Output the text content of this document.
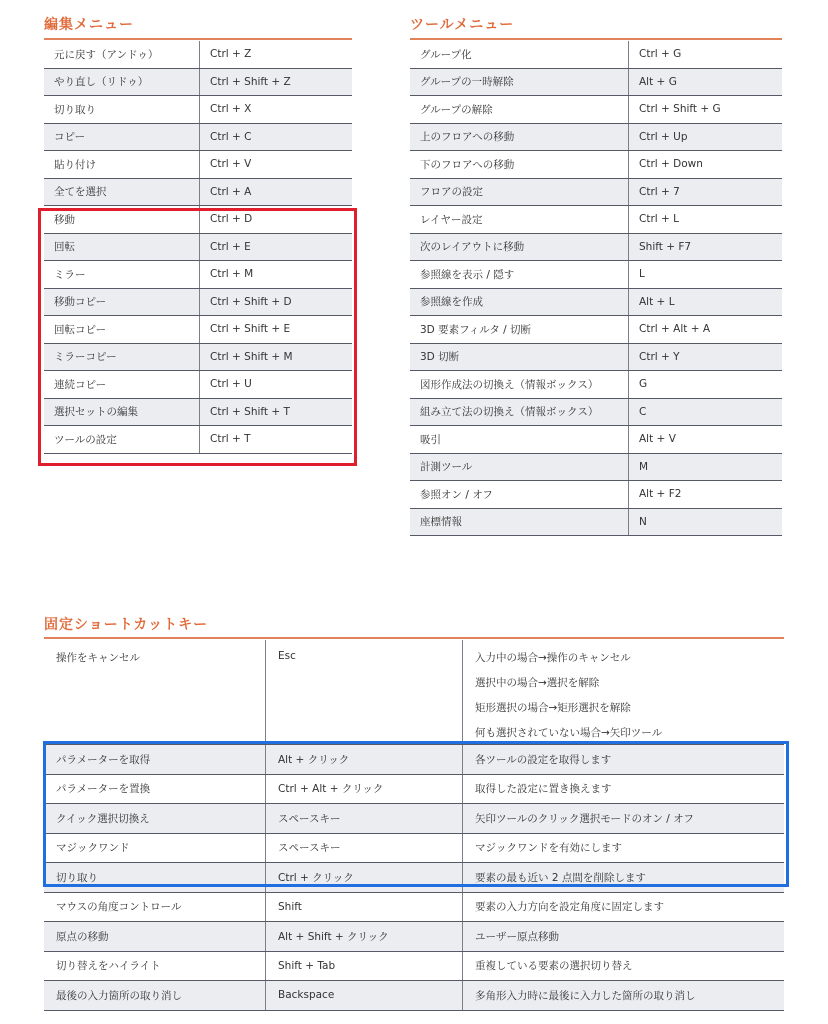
編集メニュー
元に戻す（アンドゥ）	Ctrl + Z
やり直し（リドゥ）	Ctrl + Shift + Z
切り取り	Ctrl + X
コピー	Ctrl + C
貼り付け	Ctrl + V
全てを選択	Ctrl + A
移動	Ctrl + D
回転	Ctrl + E
ミラー	Ctrl + M
移動コピー	Ctrl + Shift + D
回転コピー	Ctrl + Shift + E
ミラーコピー	Ctrl + Shift + M
連続コピー	Ctrl + U
選択セットの編集	Ctrl + Shift + T
ツールの設定	Ctrl + T
ツールメニュー
グループ化	Ctrl + G
グループの一時解除	Alt + G
グループの解除	Ctrl + Shift + G
上のフロアへの移動	Ctrl + Up
下のフロアへの移動	Ctrl + Down
フロアの設定	Ctrl + 7
レイヤー設定	Ctrl + L
次のレイアウトに移動	Shift + F7
参照線を表示 / 隠す	L
参照線を作成	Alt + L
3D 要素フィルタ / 切断	Ctrl + Alt + A
3D 切断	Ctrl + Y
図形作成法の切換え（情報ボックス）	G
組み立て法の切換え（情報ボックス）	C
吸引	Alt + V
計測ツール	M
参照オン / オフ	Alt + F2
座標情報	N
固定ショートカットキー
操作をキャンセル	Esc	入力中の場合→操作のキャンセル
選択中の場合→選択を解除
矩形選択の場合→矩形選択を解除
何も選択されていない場合→矢印ツール
パラメーターを取得	Alt + クリック	各ツールの設定を取得します
パラメーターを置換	Ctrl + Alt + クリック	取得した設定に置き換えます
クイック選択切換え	スペースキー	矢印ツールのクリック選択モードのオン / オフ
マジックワンド	スペースキー	マジックワンドを有効にします
切り取り	Ctrl + クリック	要素の最も近い 2 点間を削除します
マウスの角度コントロール	Shift	要素の入力方向を設定角度に固定します
原点の移動	Alt + Shift + クリック	ユーザー原点移動
切り替えをハイライト	Shift + Tab	重複している要素の選択切り替え
最後の入力箇所の取り消し	Backspace	多角形入力時に最後に入力した箇所の取り消し
